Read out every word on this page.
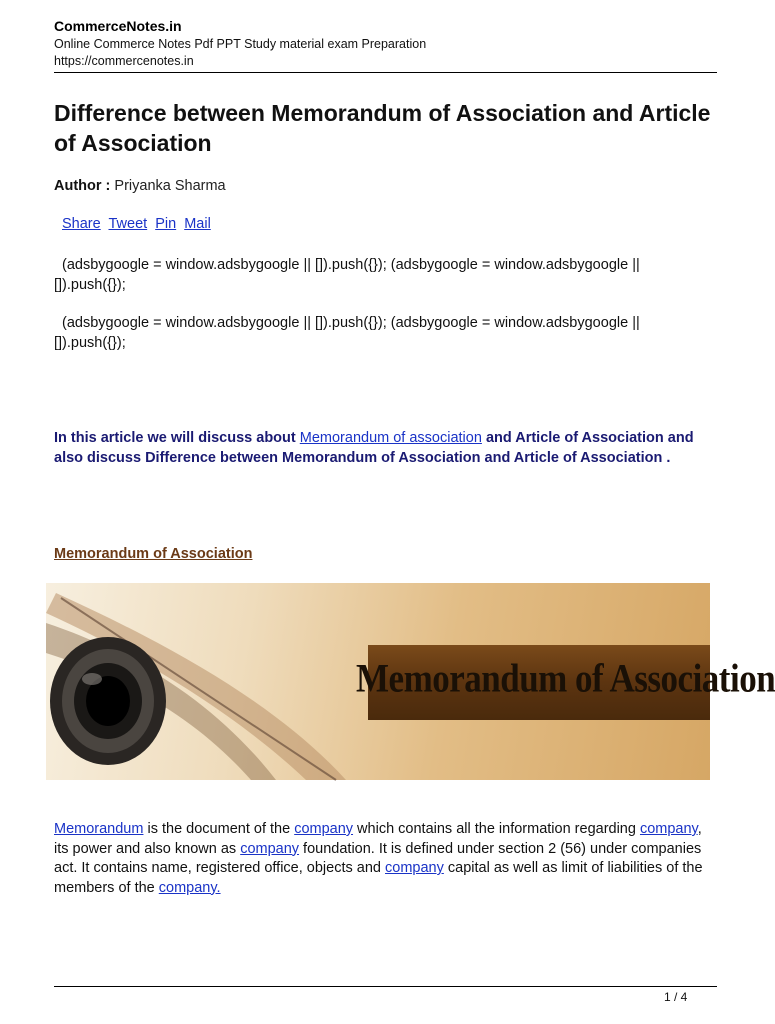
CommerceNotes.in
Online Commerce Notes Pdf PPT Study material exam Preparation
https://commercenotes.in
Difference between Memorandum of Association and Article of Association
Author : Priyanka Sharma
Share Tweet Pin Mail
(adsbygoogle = window.adsbygoogle || []).push({}); (adsbygoogle = window.adsbygoogle ||
[]).push({});
(adsbygoogle = window.adsbygoogle || []).push({}); (adsbygoogle = window.adsbygoogle ||
[]).push({});
In this article we will discuss about Memorandum of association and Article of Association and also discuss Difference between Memorandum of Association and Article of Association .
Memorandum of Association
Memorandum of Association
Memorandum is the document of the company which contains all the information regarding company, its power and also known as company foundation. It is defined under section 2 (56) under companies act. It contains name, registered office, objects and company capital as well as limit of liabilities of the members of the company.
1 / 4
